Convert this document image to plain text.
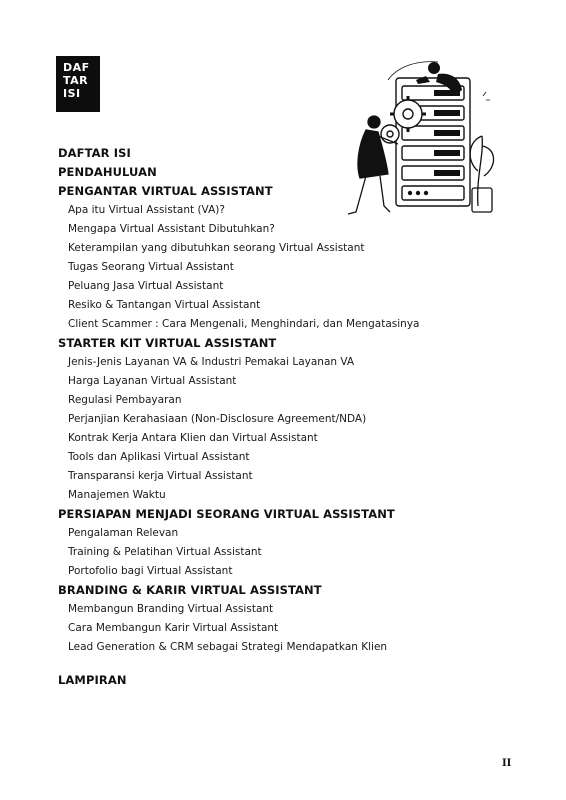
DAF
TAR
ISI
DAFTAR ISI
PENDAHULUAN
PENGANTAR VIRTUAL ASSISTANT
Apa itu Virtual Assistant (VA)?
Mengapa Virtual Assistant Dibutuhkan?
Keterampilan yang dibutuhkan seorang Virtual Assistant
Tugas Seorang Virtual Assistant
Peluang Jasa Virtual Assistant
Resiko & Tantangan Virtual Assistant
Client Scammer : Cara Mengenali, Menghindari, dan Mengatasinya
STARTER KIT VIRTUAL ASSISTANT
Jenis-Jenis Layanan VA & Industri Pemakai Layanan VA
Harga Layanan Virtual Assistant
Regulasi Pembayaran
Perjanjian Kerahasiaan (Non-Disclosure Agreement/NDA)
Kontrak Kerja Antara Klien dan Virtual Assistant
Tools dan Aplikasi Virtual Assistant
Transparansi kerja Virtual Assistant
Manajemen Waktu
PERSIAPAN MENJADI SEORANG VIRTUAL ASSISTANT
Pengalaman Relevan
Training & Pelatihan Virtual Assistant
Portofolio bagi Virtual Assistant
BRANDING & KARIR VIRTUAL ASSISTANT
Membangun Branding Virtual Assistant
Cara Membangun Karir Virtual Assistant
Lead Generation & CRM sebagai Strategi Mendapatkan Klien
LAMPIRAN
II
